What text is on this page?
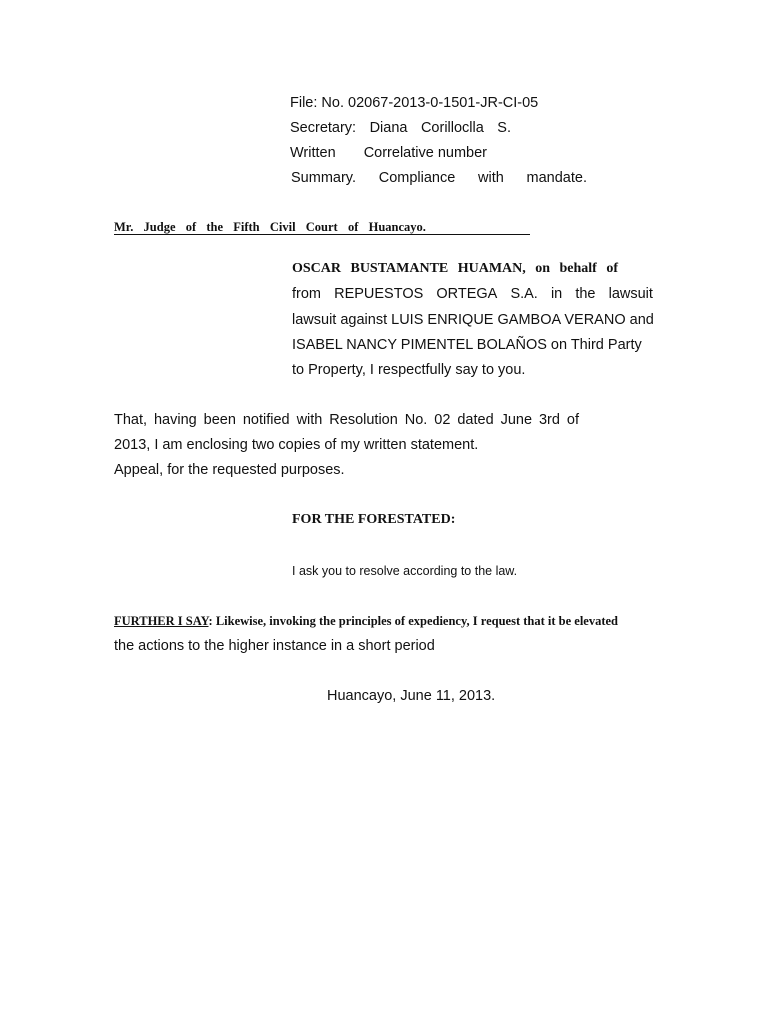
File: No. 02067-2013-0-1501-JR-CI-05
Secretary: Diana Corilloclla S.
Written Correlative number
Summary. Compliance with mandate.
Mr. Judge of the Fifth Civil Court of Huancayo.
OSCAR BUSTAMANTE HUAMAN, on behalf of
from REPUESTOS ORTEGA S.A. in the lawsuit
lawsuit against LUIS ENRIQUE GAMBOA VERANO and
ISABEL NANCY PIMENTEL BOLAÑOS on Third Party
to Property, I respectfully say to you.
That, having been notified with Resolution No. 02 dated June 3rd of
2013, I am enclosing two copies of my written statement.
Appeal, for the requested purposes.
FOR THE FORESTATED:
I ask you to resolve according to the law.
FURTHER I SAY: Likewise, invoking the principles of expediency, I request that it be elevated
the actions to the higher instance in a short period
Huancayo, June 11, 2013.
